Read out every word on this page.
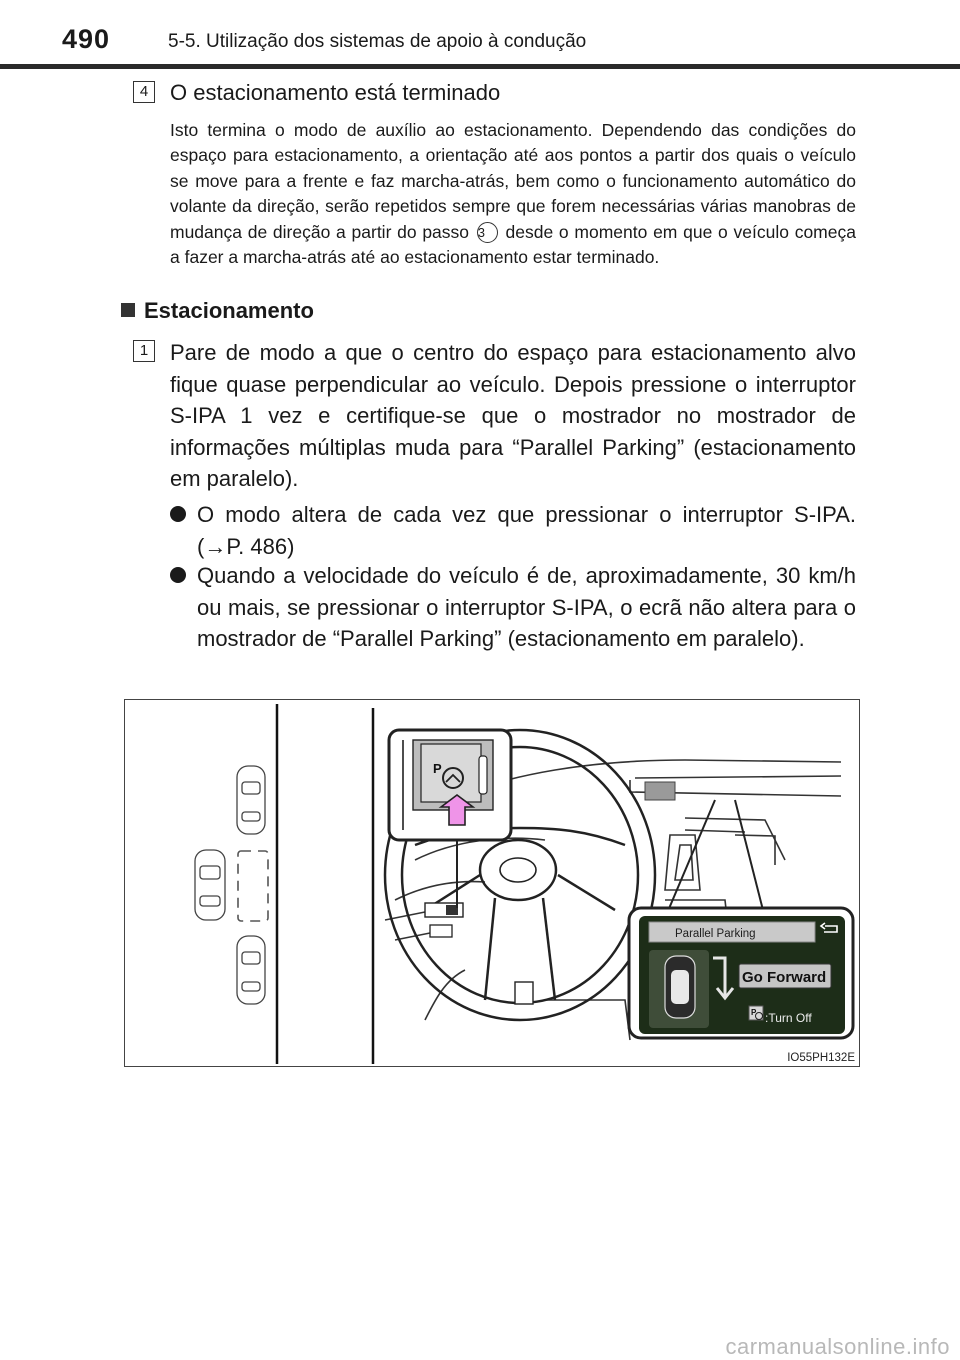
490	5-5. Utilização dos sistemas de apoio à condução
4 O estacionamento está terminado
Isto termina o modo de auxílio ao estacionamento. Dependendo das condições do espaço para estacionamento, a orientação até aos pontos a partir dos quais o veículo se move para a frente e faz marcha-atrás, bem como o funcionamento automático do volante da direção, serão repetidos sempre que forem necessárias várias manobras de mudança de direção a partir do passo 3 desde o momento em que o veículo começa a fazer a marcha-atrás até ao estacionamento estar terminado.
Estacionamento
1 Pare de modo a que o centro do espaço para estacionamento alvo fique quase perpendicular ao veículo. Depois pressione o interruptor S-IPA 1 vez e certifique-se que o mostrador no mostrador de informações múltiplas muda para “Parallel Parking” (estacionamento em paralelo).
O modo altera de cada vez que pressionar o interruptor S-IPA. (→P. 486)
Quando a velocidade do veículo é de, aproximadamente, 30 km/h ou mais, se pressionar o interruptor S-IPA, o ecrã não altera para o mostrador de “Parallel Parking” (estacionamento em paralelo).
P
Parallel Parking
Go Forward
P :Turn Off
IO55PH132E
carmanualsonline.info
